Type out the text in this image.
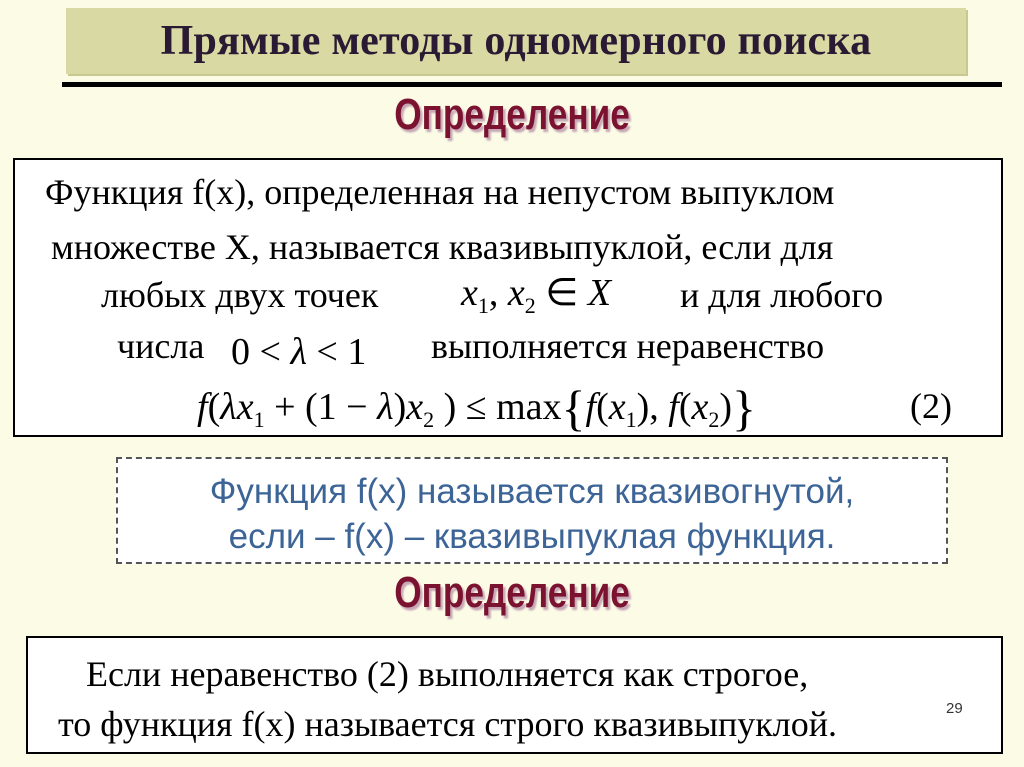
Прямые методы одномерного поиска
Определение
Функция f(x), определенная на непустом выпуклом
множестве X, называется квазивыпуклой, если для
любых двух точек $x_1$, $x_2$ ∈ X и для любого
числа 0 < λ < 1 выполняется неравенство
$f(\lambda x_1 + (1 - \lambda)x_2$ ) ≤ $\max\{f(x_1)$, $f(x_2)$}	(2)
Функция f(x) называется квазивогнутой,
если – f(x) – квазивыпуклая функция.
Определение
Если неравенство (2) выполняется как строгое,
то функция f(x) называется строго квазивыпуклой.	29
